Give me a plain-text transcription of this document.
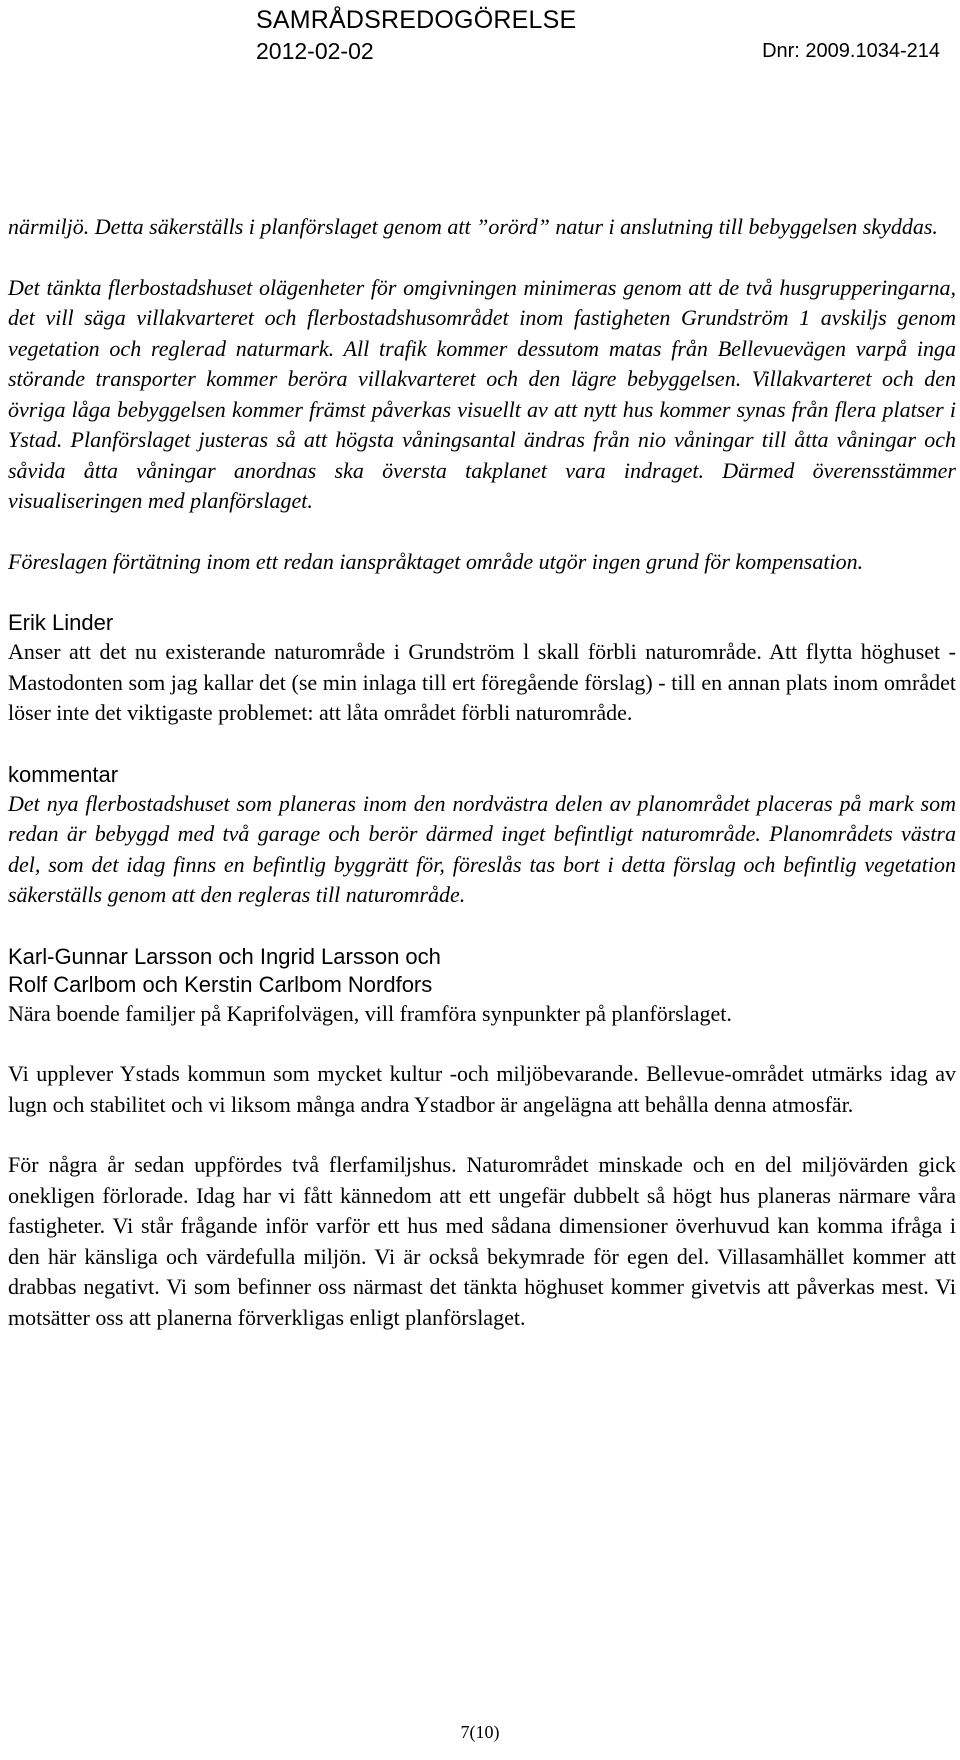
SAMRÅDSREDOGÖRELSE
2012-02-02	Dnr: 2009.1034-214

närmiljö. Detta säkerställs i planförslaget genom att ”orörd” natur i anslutning till bebyggelsen skyddas.

Det tänkta flerbostadshuset olägenheter för omgivningen minimeras genom att de två husgrupperingarna, det vill säga villakvarteret och flerbostadshusområdet inom fastigheten Grundström 1 avskiljs genom vegetation och reglerad naturmark. All trafik kommer dessutom matas från Bellevuevägen varpå inga störande transporter kommer beröra villakvarteret och den lägre bebyggelsen. Villakvarteret och den övriga låga bebyggelsen kommer främst påverkas visuellt av att nytt hus kommer synas från flera platser i Ystad. Planförslaget justeras så att högsta våningsantal ändras från nio våningar till åtta våningar och såvida åtta våningar anordnas ska översta takplanet vara indraget. Därmed överensstämmer visualiseringen med planförslaget.

Föreslagen förtätning inom ett redan ianspråktaget område utgör ingen grund för kompensation.

Erik Linder

Anser att det nu existerande naturområde i Grundström l skall förbli naturområde. Att flytta höghuset - Mastodonten som jag kallar det (se min inlaga till ert föregående förslag) - till en annan plats inom området löser inte det viktigaste problemet: att låta området förbli naturområde.

kommentar

Det nya flerbostadshuset som planeras inom den nordvästra delen av planområdet placeras på mark som redan är bebyggd med två garage och berör därmed inget befintligt naturområde. Planområdets västra del, som det idag finns en befintlig byggrätt för, föreslås tas bort i detta förslag och befintlig vegetation säkerställs genom att den regleras till naturområde.

Karl-Gunnar Larsson och Ingrid Larsson och

Rolf Carlbom och Kerstin Carlbom Nordfors

Nära boende familjer på Kaprifolvägen, vill framföra synpunkter på planförslaget.

Vi upplever Ystads kommun som mycket kultur -och miljöbevarande. Bellevue-området utmärks idag av lugn och stabilitet och vi liksom många andra Ystadbor är angelägna att behålla denna atmosfär.

För några år sedan uppfördes två flerfamiljshus. Naturområdet minskade och en del miljövärden gick onekligen förlorade. Idag har vi fått kännedom att ett ungefär dubbelt så högt hus planeras närmare våra fastigheter. Vi står frågande inför varför ett hus med sådana dimensioner överhuvud kan komma ifråga i den här känsliga och värdefulla miljön. Vi är också bekymrade för egen del. Villasamhället kommer att drabbas negativt. Vi som befinner oss närmast det tänkta höghuset kommer givetvis att påverkas mest. Vi motsätter oss att planerna förverkligas enligt planförslaget.

7(10)
